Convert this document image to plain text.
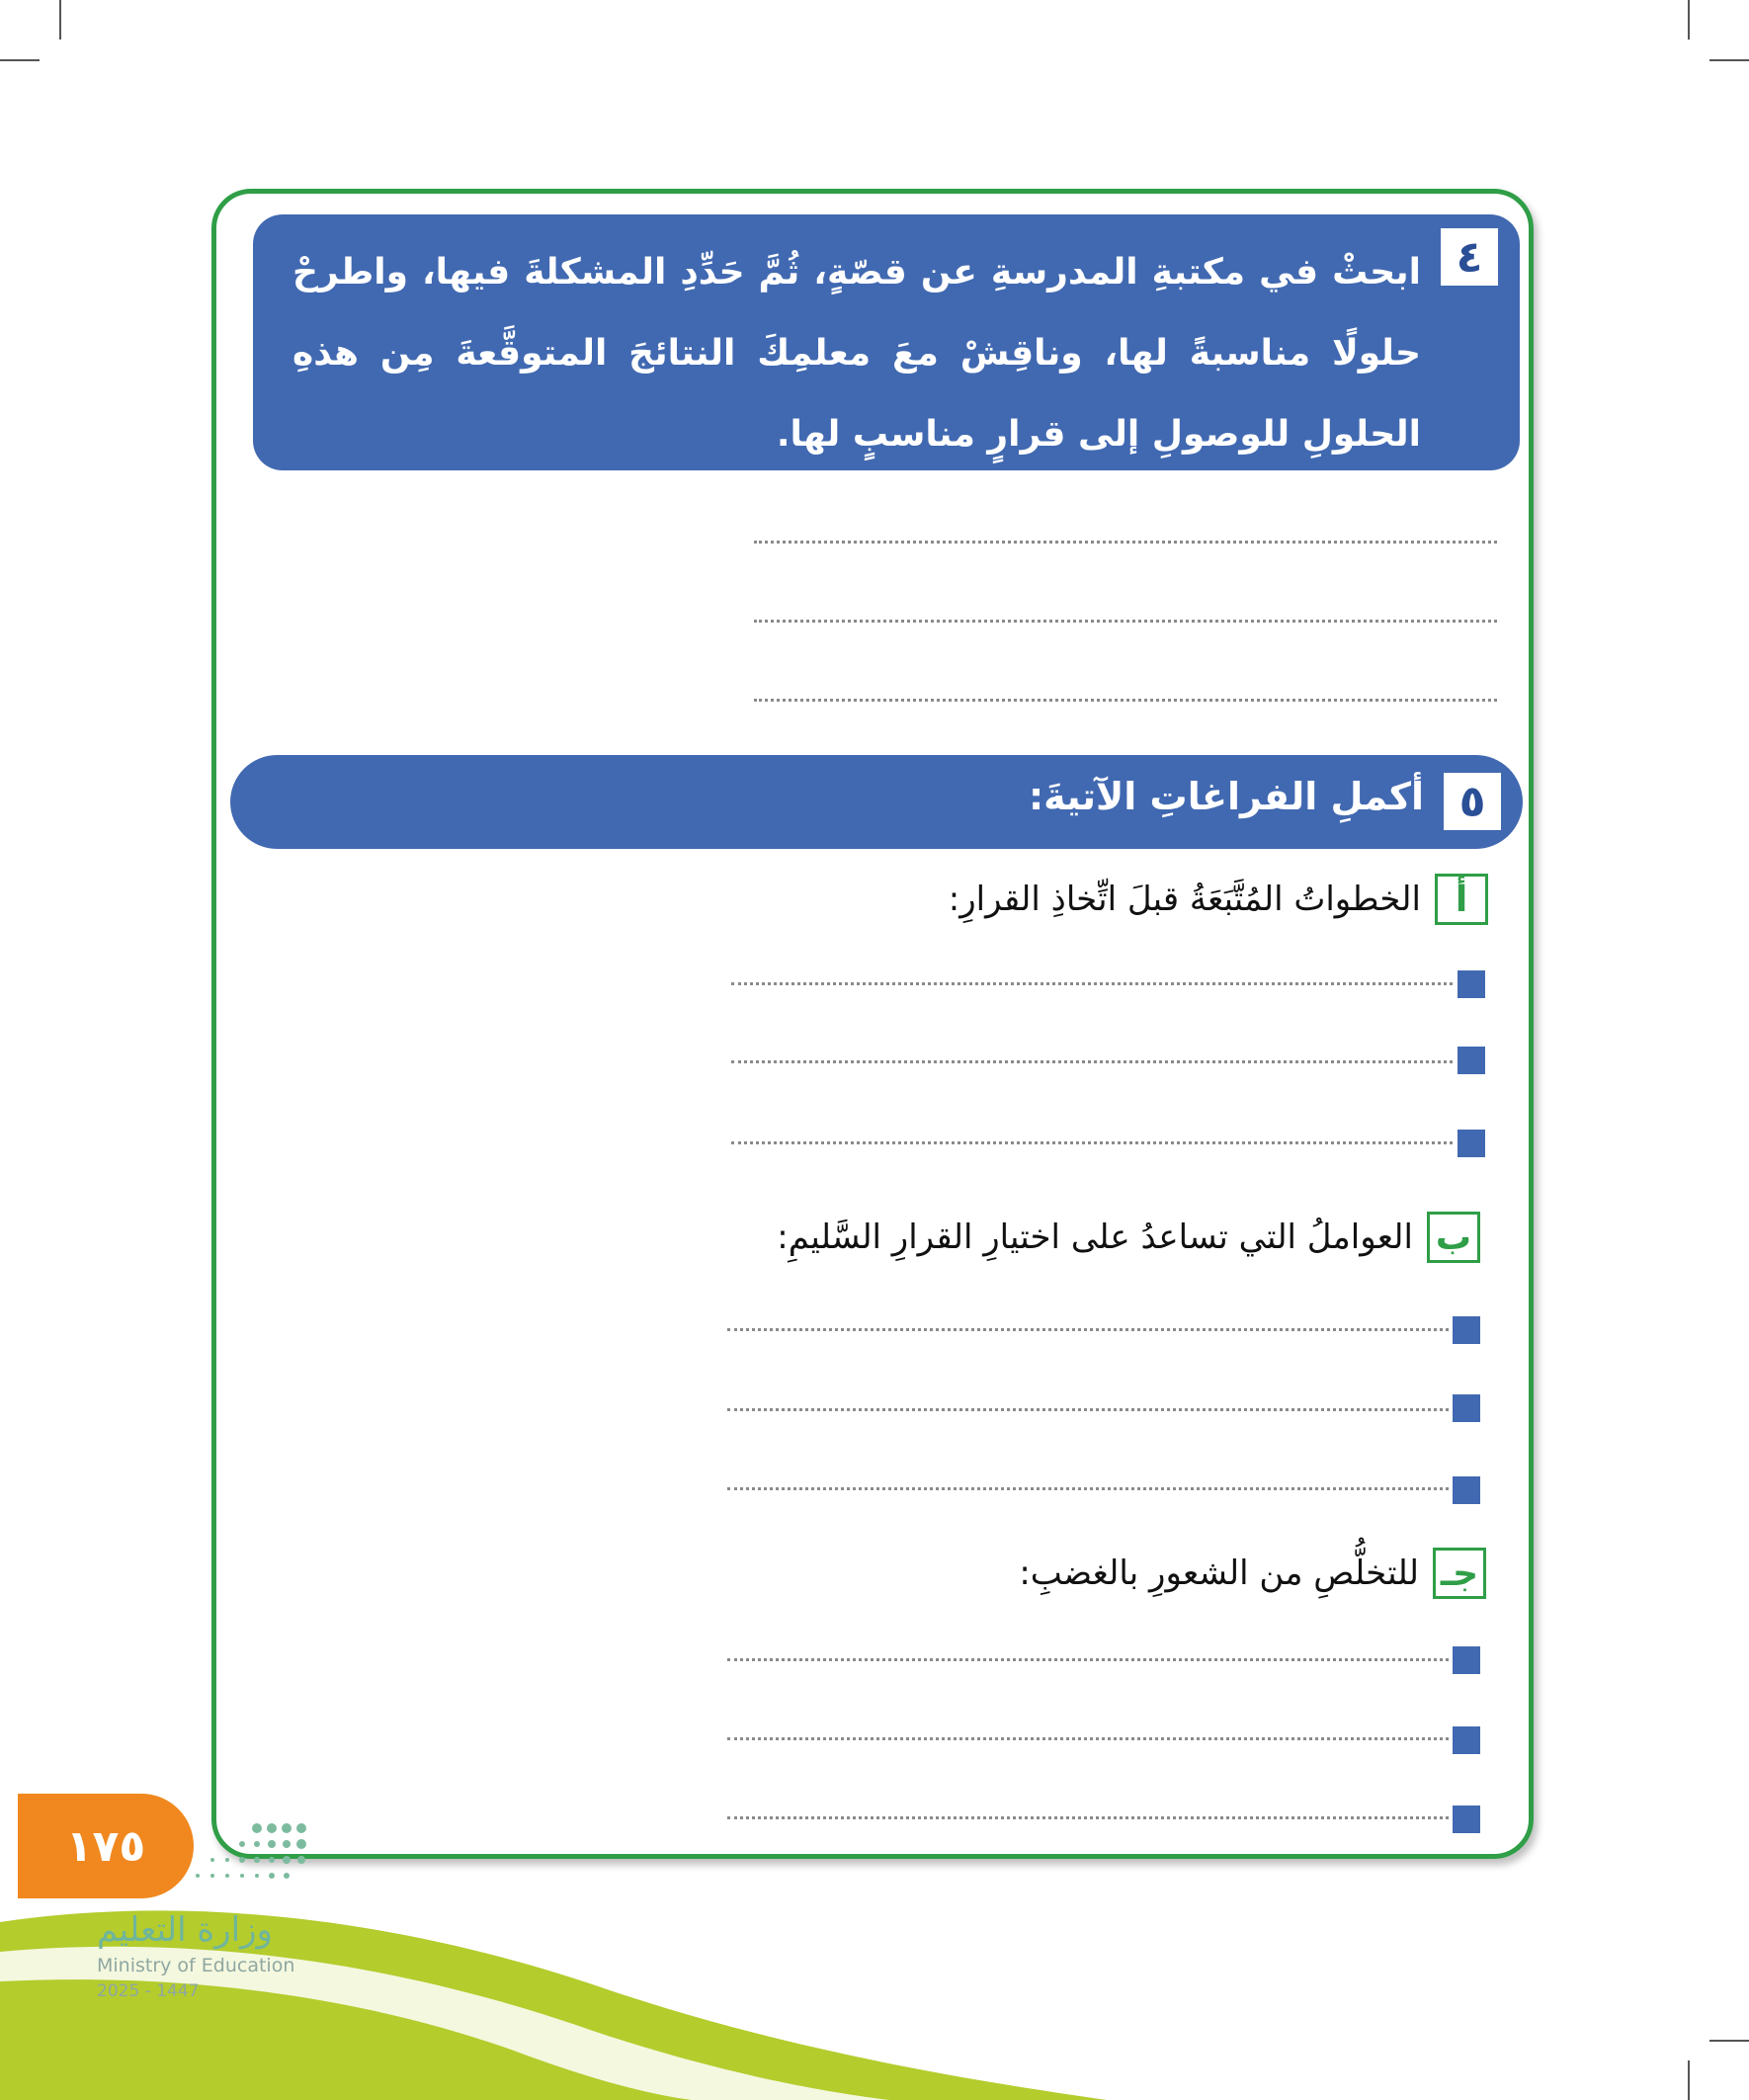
٤
ابحثْ في مكتبةِ المدرسةِ عن قصّةٍ، ثُمَّ حَدِّدِ المشكلةَ فيها، واطرحْ حلولًا مناسبةً لها، وناقِشْ معَ معلمِكَ النتائجَ المتوقَّعةَ مِن هذهِ الحلولِ للوصولِ إلى قرارٍ مناسبٍ لها.
٥
أكملِ الفراغاتِ الآتيةَ:
أ
الخطواتُ المُتَّبَعَةُ قبلَ اتِّخاذِ القرارِ:
ب
العواملُ التي تساعدُ على اختيارِ القرارِ السَّليمِ:
جـ
للتخلُّصِ من الشعورِ بالغضبِ:
١٧٥
وزارة التعليم
Ministry of Education
2025 - 1447
